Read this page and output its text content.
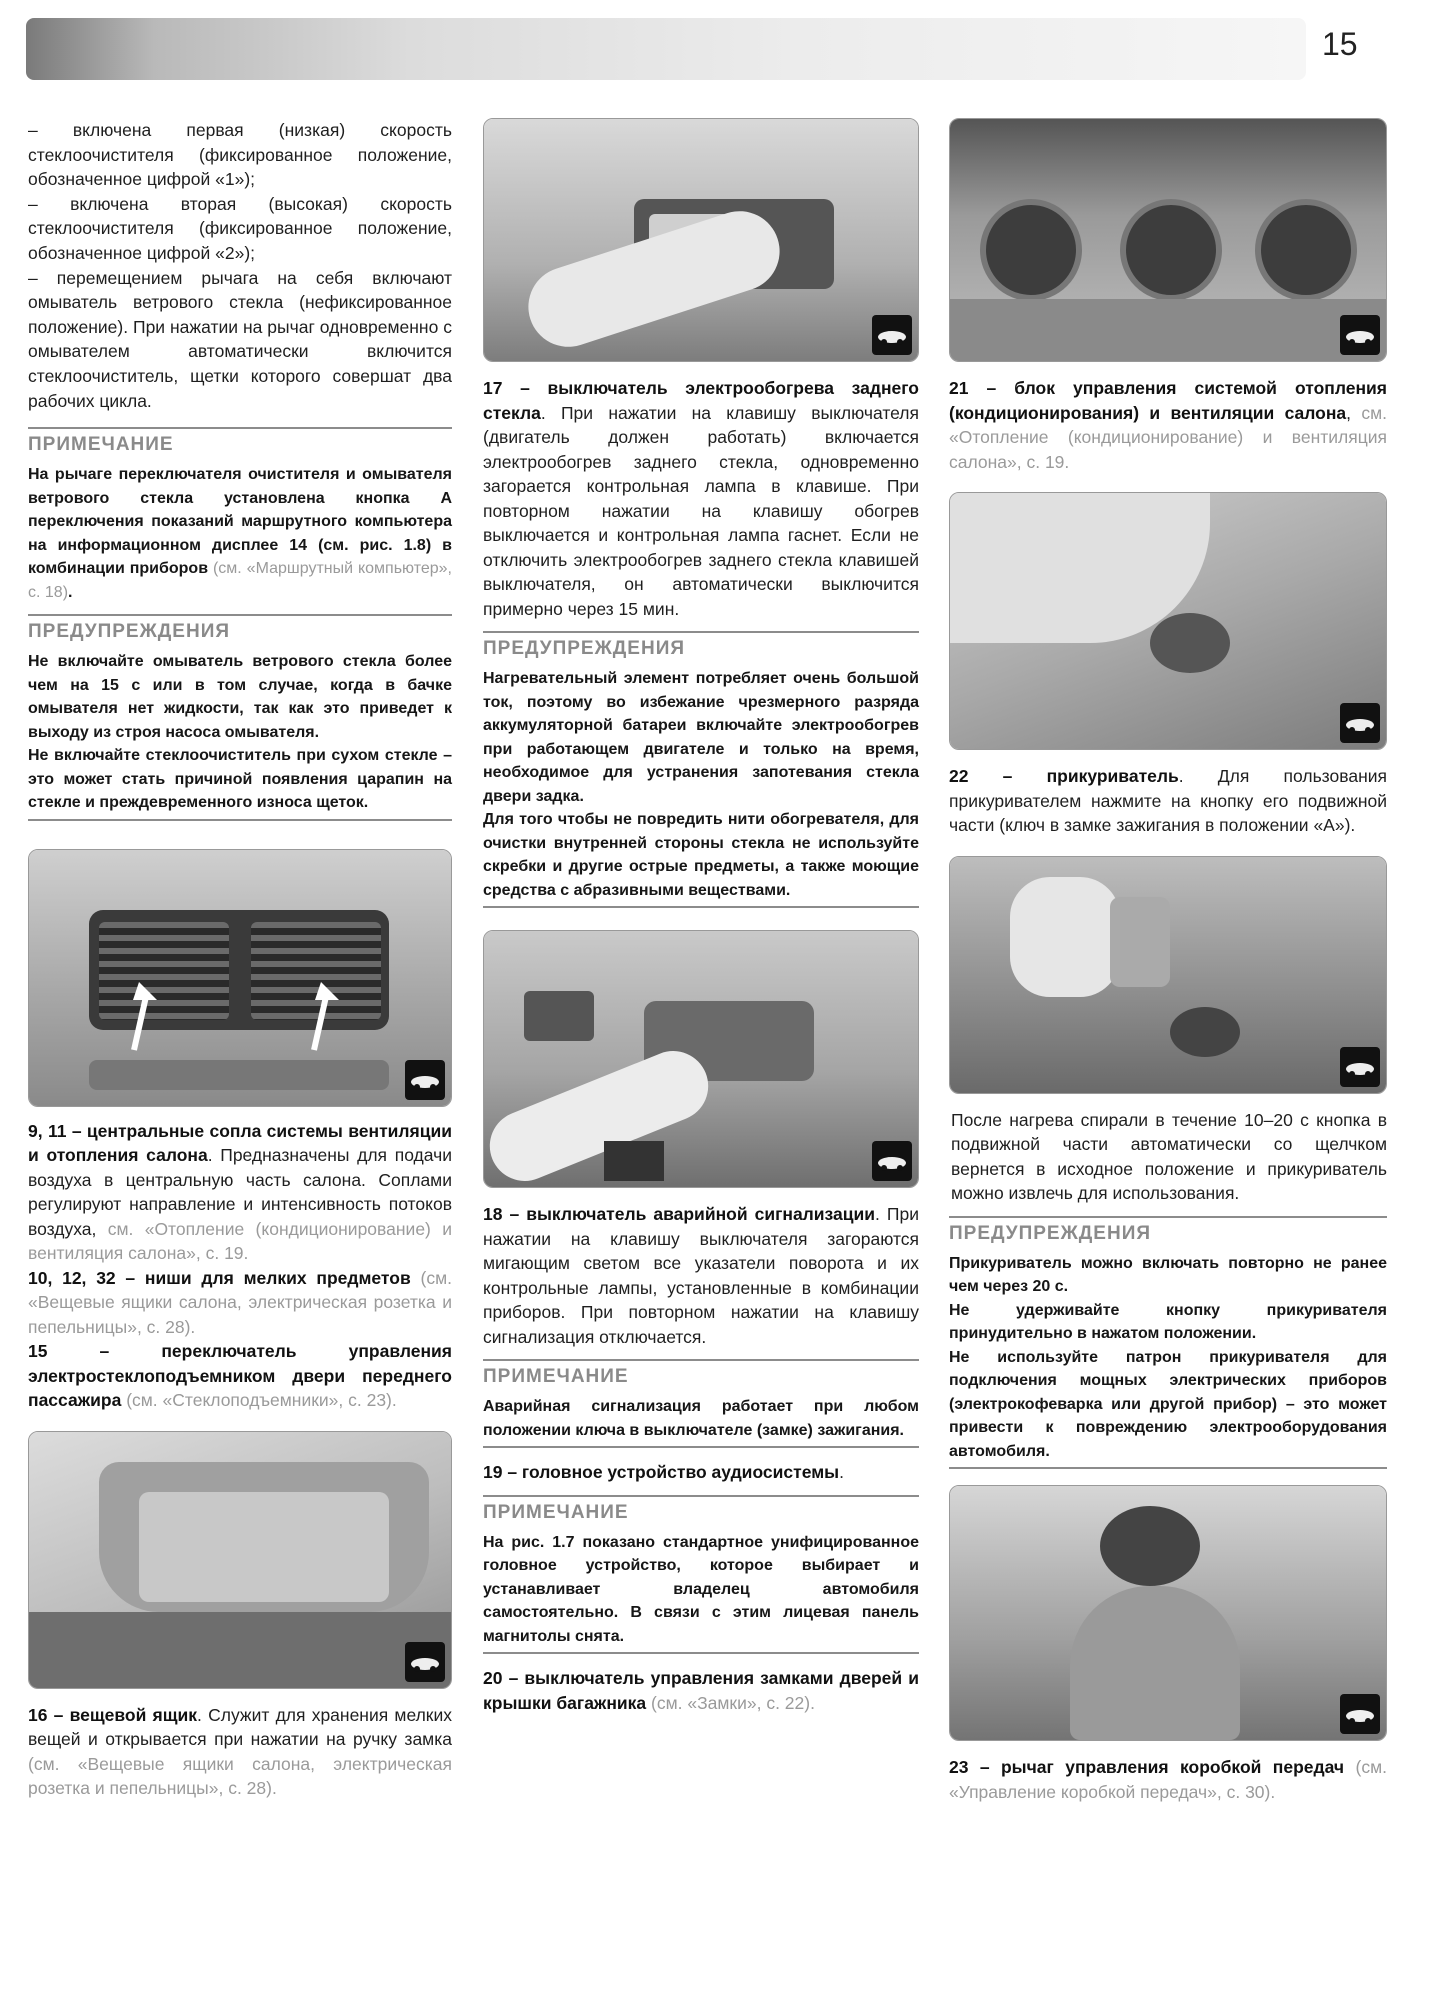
15

– включена первая (низкая) скорость стеклоочистителя (фиксированное положение, обозначенное цифрой «1»);
– включена вторая (высокая) скорость стеклоочистителя (фиксированное положение, обозначенное цифрой «2»);
– перемещением рычага на себя включают омыватель ветрового стекла (нефиксированное положение). При нажатии на рычаг одновременно с омывателем автоматически включится стеклоочиститель, щетки которого совершат два рабочих цикла.

ПРИМЕЧАНИЕ
На рычаге переключателя очистителя и омывателя ветрового стекла установлена кнопка А переключения показаний маршрутного компьютера на информационном дисплее 14 (см. рис. 1.8) в комбинации приборов (см. «Маршрутный компьютер», с. 18).
ПРЕДУПРЕЖДЕНИЯ

Не включайте омыватель ветрового стекла более чем на 15 с или в том случае, когда в бачке омывателя нет жидкости, так как это приведет к выходу из строя насоса омывателя.

Не включайте стеклоочиститель при сухом стекле – это может стать причиной появления царапин на стекле и преждевременного износа щеток.

9, 11 – центральные сопла системы вентиляции и отопления салона. Предназначены для подачи воздуха в центральную часть салона. Соплами регулируют направление и интенсивность потоков воздуха, см. «Отопление (кондиционирование) и вентиляция салона», с. 19.

10, 12, 32 – ниши для мелких предметов (см. «Вещевые ящики салона, электрическая розетка и пепельницы», с. 28).

15 – переключатель управления электростеклоподъемником двери переднего пассажира (см. «Стеклоподъемники», с. 23).

16 – вещевой ящик. Служит для хранения мелких вещей и открывается при нажатии на ручку замка (см. «Вещевые ящики салона, электрическая розетка и пепельницы», с. 28).

17 – выключатель электрообогрева заднего стекла. При нажатии на клавишу выключателя (двигатель должен работать) включается электрообогрев заднего стекла, одновременно загорается контрольная лампа в клавише. При повторном нажатии на клавишу обогрев выключается и контрольная лампа гаснет. Если не отключить электрообогрев заднего стекла клавишей выключателя, он автоматически выключится примерно через 15 мин.

ПРЕДУПРЕЖДЕНИЯ

Нагревательный элемент потребляет очень большой ток, поэтому во избежание чрезмерного разряда аккумуляторной батареи включайте электрообогрев при работающем двигателе и только на время, необходимое для устранения запотевания стекла двери задка.

Для того чтобы не повредить нити обогревателя, для очистки внутренней стороны стекла не используйте скребки и другие острые предметы, а также моющие средства с абразивными веществами.

18 – выключатель аварийной сигнализации. При нажатии на клавишу выключателя загораются мигающим светом все указатели поворота и их контрольные лампы, установленные в комбинации приборов. При повторном нажатии на клавишу сигнализация отключается.

ПРИМЕЧАНИЕ
Аварийная сигнализация работает при любом положении ключа в выключателе (замке) зажигания.

19 – головное устройство аудиосистемы.

ПРИМЕЧАНИЕ
На рис. 1.7 показано стандартное унифицированное головное устройство, которое выбирает и устанавливает владелец автомобиля самостоятельно. В связи с этим лицевая панель магнитолы снята.

20 – выключатель управления замками дверей и крышки багажника (см. «Замки», с. 22).

21 – блок управления системой отопления (кондиционирования) и вентиляции салона, см. «Отопление (кондиционирование) и вентиляция салона», с. 19.

22 – прикуриватель. Для пользования прикуривателем нажмите на кнопку его подвижной части (ключ в замке зажигания в положении «А»).

После нагрева спирали в течение 10–20 с кнопка в подвижной части автоматически со щелчком вернется в исходное положение и прикуриватель можно извлечь для использования.

ПРЕДУПРЕЖДЕНИЯ

Прикуриватель можно включать повторно не ранее чем через 20 с.

Не удерживайте кнопку прикуривателя принудительно в нажатом положении.

Не используйте патрон прикуривателя для подключения мощных электрических приборов (электрокофеварка или другой прибор) – это может привести к повреждению электрооборудования автомобиля.

23 – рычаг управления коробкой передач (см. «Управление коробкой передач», с. 30).
